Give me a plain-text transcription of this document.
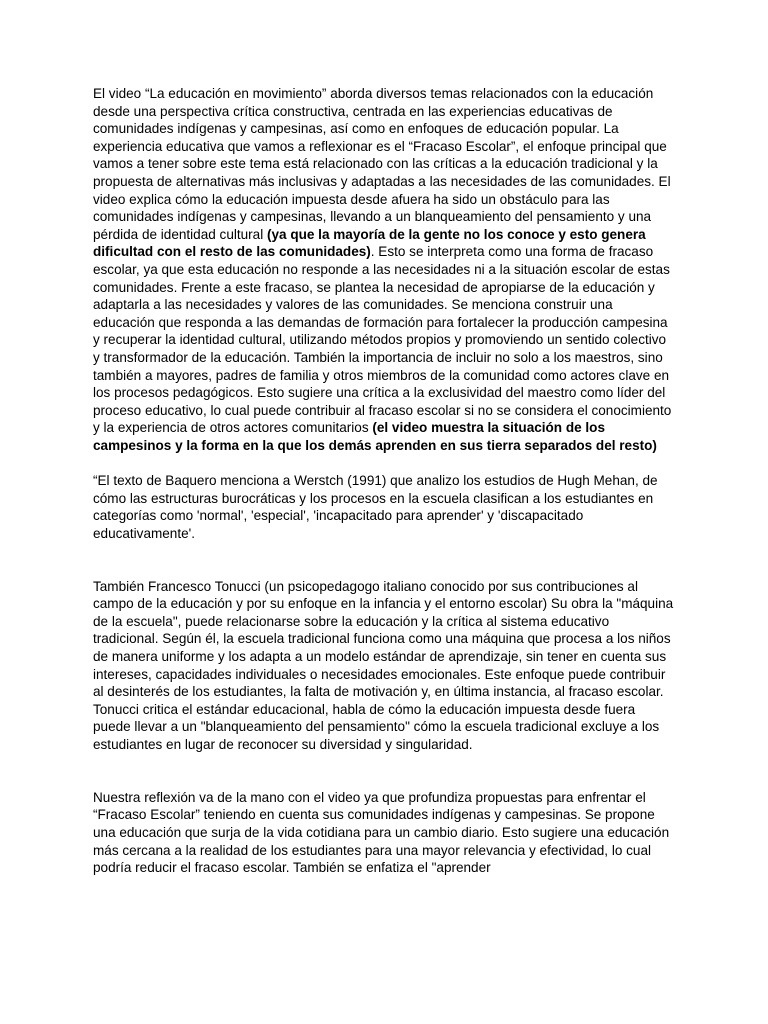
El video “La educación en movimiento” aborda diversos temas relacionados con la educación desde una perspectiva crítica constructiva, centrada en las experiencias educativas de comunidades indígenas y campesinas, así como en enfoques de educación popular. La experiencia educativa que vamos a reflexionar es el “Fracaso Escolar”, el enfoque principal que vamos a tener sobre este tema está relacionado con las críticas a la educación tradicional y la propuesta de alternativas más inclusivas y adaptadas a las necesidades de las comunidades. El video explica cómo la educación impuesta desde afuera ha sido un obstáculo para las comunidades indígenas y campesinas, llevando a un blanqueamiento del pensamiento y una pérdida de identidad cultural (ya que la mayoría de la gente no los conoce y esto genera dificultad con el resto de las comunidades). Esto se interpreta como una forma de fracaso escolar, ya que esta educación no responde a las necesidades ni a la situación escolar de estas comunidades. Frente a este fracaso, se plantea la necesidad de apropiarse de la educación y adaptarla a las necesidades y valores de las comunidades. Se menciona construir una educación que responda a las demandas de formación para fortalecer la producción campesina y recuperar la identidad cultural, utilizando métodos propios y promoviendo un sentido colectivo y transformador de la educación. También la importancia de incluir no solo a los maestros, sino también a mayores, padres de familia y otros miembros de la comunidad como actores clave en los procesos pedagógicos. Esto sugiere una crítica a la exclusividad del maestro como líder del proceso educativo, lo cual puede contribuir al fracaso escolar si no se considera el conocimiento y la experiencia de otros actores comunitarios (el video muestra la situación de los campesinos y la forma en la que los demás aprenden en sus tierra separados del resto)

“El texto de Baquero menciona a Werstch (1991) que analizo los estudios de Hugh Mehan, de cómo las estructuras burocráticas y los procesos en la escuela clasifican a los estudiantes en categorías como 'normal', 'especial', 'incapacitado para aprender' y 'discapacitado educativamente'.

También Francesco Tonucci (un psicopedagogo italiano conocido por sus contribuciones al campo de la educación y por su enfoque en la infancia y el entorno escolar) Su obra la "máquina de la escuela", puede relacionarse sobre la educación y la crítica al sistema educativo tradicional. Según él, la escuela tradicional funciona como una máquina que procesa a los niños de manera uniforme y los adapta a un modelo estándar de aprendizaje, sin tener en cuenta sus intereses, capacidades individuales o necesidades emocionales. Este enfoque puede contribuir al desinterés de los estudiantes, la falta de motivación y, en última instancia, al fracaso escolar. Tonucci critica el estándar educacional, habla de cómo la educación impuesta desde fuera puede llevar a un "blanqueamiento del pensamiento" cómo la escuela tradicional excluye a los estudiantes en lugar de reconocer su diversidad y singularidad.

Nuestra reflexión va de la mano con el video ya que profundiza propuestas para enfrentar el “Fracaso Escolar” teniendo en cuenta sus comunidades indígenas y campesinas. Se propone una educación que surja de la vida cotidiana para un cambio diario. Esto sugiere una educación más cercana a la realidad de los estudiantes para una mayor relevancia y efectividad, lo cual podría reducir el fracaso escolar. También se enfatiza el "aprender
